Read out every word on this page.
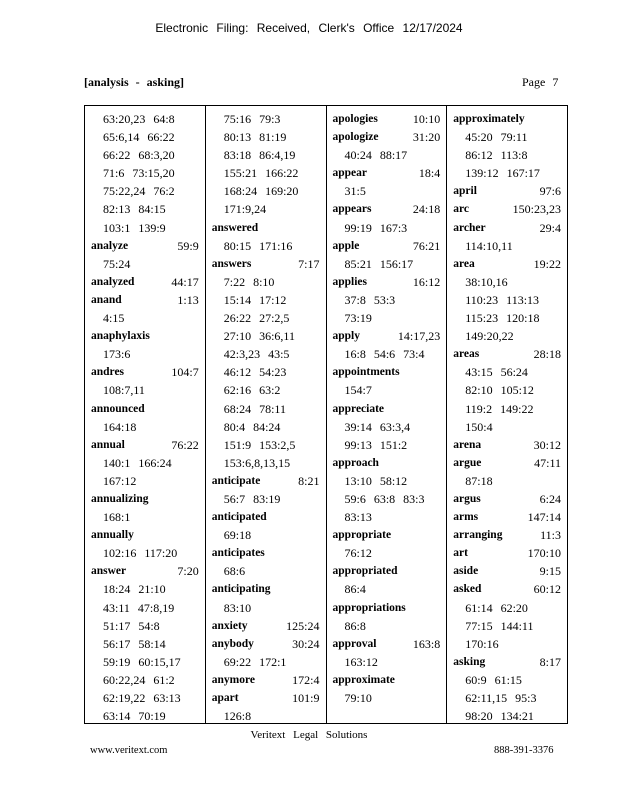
Electronic Filing: Received, Clerk's Office 12/17/2024
[analysis - asking]	Page 7
63:20,23 64:8
65:6,14 66:22
66:22 68:3,20
71:6 73:15,20
75:22,24 76:2
82:13 84:15
103:1 139:9
analyze	59:9
75:24
analyzed	44:17
anand	1:13
4:15
anaphylaxis
173:6
andres	104:7
108:7,11
announced
164:18
annual	76:22
140:1 166:24
167:12
annualizing
168:1
annually
102:16 117:20
answer	7:20
18:24 21:10
43:11 47:8,19
51:17 54:8
56:17 58:14
59:19 60:15,17
60:22,24 61:2
62:19,22 63:13
63:14 70:19
75:16 79:3
80:13 81:19
83:18 86:4,19
155:21 166:22
168:24 169:20
171:9,24
answered
80:15 171:16
answers	7:17
7:22 8:10
15:14 17:12
26:22 27:2,5
27:10 36:6,11
42:3,23 43:5
46:12 54:23
62:16 63:2
68:24 78:11
80:4 84:24
151:9 153:2,5
153:6,8,13,15
anticipate	8:21
56:7 83:19
anticipated
69:18
anticipates
68:6
anticipating
83:10
anxiety	125:24
anybody	30:24
69:22 172:1
anymore	172:4
apart	101:9
126:8
apologies	10:10
apologize	31:20
40:24 88:17
appear	18:4
31:5
appears	24:18
99:19 167:3
apple	76:21
85:21 156:17
applies	16:12
37:8 53:3
73:19
apply	14:17,23
16:8 54:6 73:4
appointments
154:7
appreciate
39:14 63:3,4
99:13 151:2
approach
13:10 58:12
59:6 63:8 83:3
83:13
appropriate
76:12
appropriated
86:4
appropriations
86:8
approval	163:8
163:12
approximate
79:10
approximately
45:20 79:11
86:12 113:8
139:12 167:17
april	97:6
arc	150:23,23
archer	29:4
114:10,11
area	19:22
38:10,16
110:23 113:13
115:23 120:18
149:20,22
areas	28:18
43:15 56:24
82:10 105:12
119:2 149:22
150:4
arena	30:12
argue	47:11
87:18
argus	6:24
arms	147:14
arranging	11:3
art	170:10
aside	9:15
asked	60:12
61:14 62:20
77:15 144:11
170:16
asking	8:17
60:9 61:15
62:11,15 95:3
98:20 134:21
Veritext Legal Solutions
www.veritext.com	888-391-3376
